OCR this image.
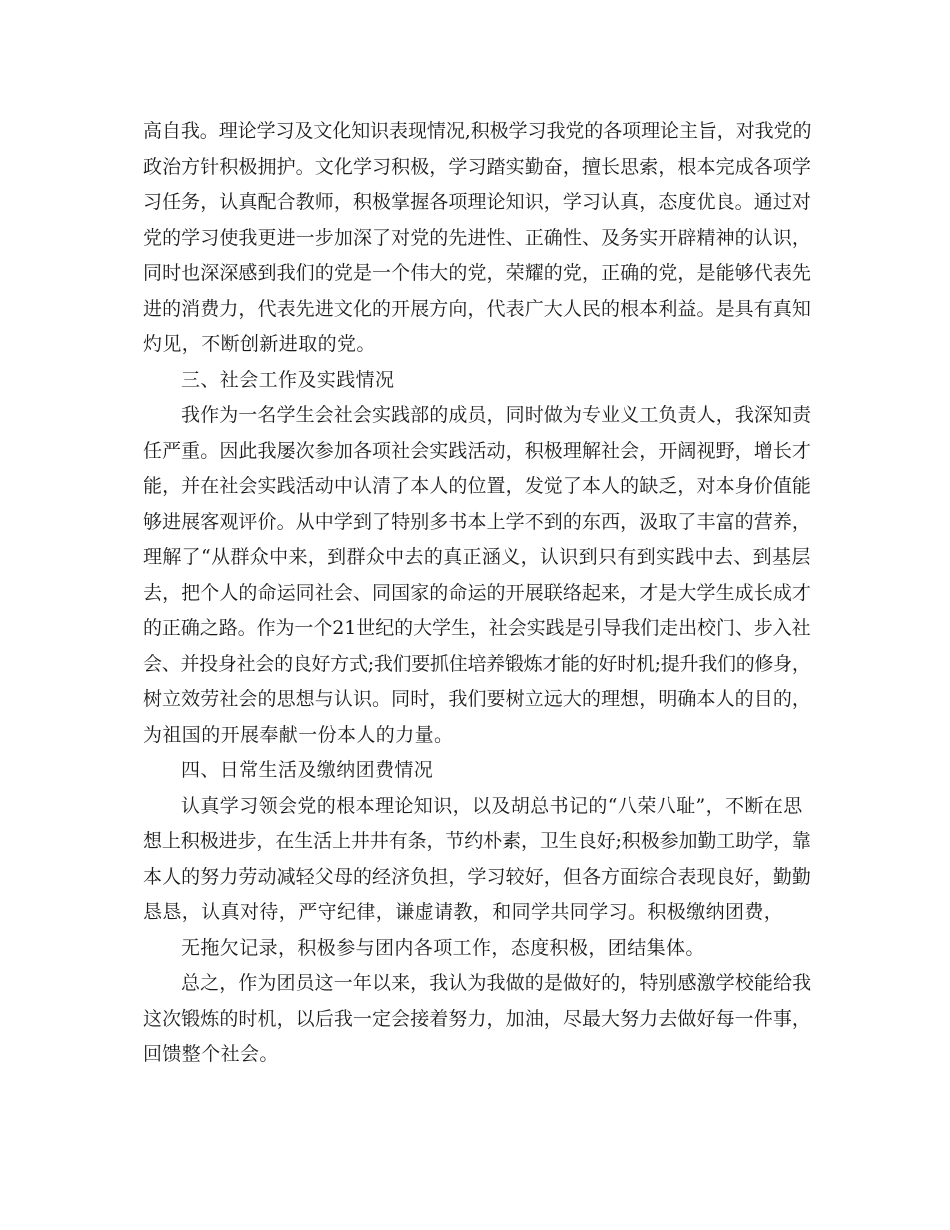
高自我。理论学习及文化知识表现情况,积极学习我党的各项理论主旨，对我党的
政治方针积极拥护。文化学习积极，学习踏实勤奋，擅长思索，根本完成各项学
习任务，认真配合教师，积极掌握各项理论知识，学习认真，态度优良。通过对
党的学习使我更进一步加深了对党的先进性、正确性、及务实开辟精神的认识，
同时也深深感到我们的党是一个伟大的党，荣耀的党，正确的党，是能够代表先
进的消费力，代表先进文化的开展方向，代表广大人民的根本利益。是具有真知
灼见，不断创新进取的党。
三、社会工作及实践情况
我作为一名学生会社会实践部的成员，同时做为专业义工负责人，我深知责
任严重。因此我屡次参加各项社会实践活动，积极理解社会，开阔视野，增长才
能，并在社会实践活动中认清了本人的位置，发觉了本人的缺乏，对本身价值能
够进展客观评价。从中学到了特别多书本上学不到的东西，汲取了丰富的营养，
理解了“从群众中来，到群众中去的真正涵义，认识到只有到实践中去、到基层
去，把个人的命运同社会、同国家的命运的开展联络起来，才是大学生成长成才
的正确之路。作为一个21世纪的大学生，社会实践是引导我们走出校门、步入社
会、并投身社会的良好方式;我们要抓住培养锻炼才能的好时机;提升我们的修身，
树立效劳社会的思想与认识。同时，我们要树立远大的理想，明确本人的目的，
为祖国的开展奉献一份本人的力量。
四、日常生活及缴纳团费情况
认真学习领会党的根本理论知识，以及胡总书记的“八荣八耻”，不断在思
想上积极进步，在生活上井井有条，节约朴素，卫生良好;积极参加勤工助学，靠
本人的努力劳动减轻父母的经济负担，学习较好，但各方面综合表现良好，勤勤
恳恳，认真对待，严守纪律，谦虚请教，和同学共同学习。积极缴纳团费，
无拖欠记录，积极参与团内各项工作，态度积极，团结集体。
总之，作为团员这一年以来，我认为我做的是做好的，特别感激学校能给我
这次锻炼的时机，以后我一定会接着努力，加油，尽最大努力去做好每一件事，
回馈整个社会。
